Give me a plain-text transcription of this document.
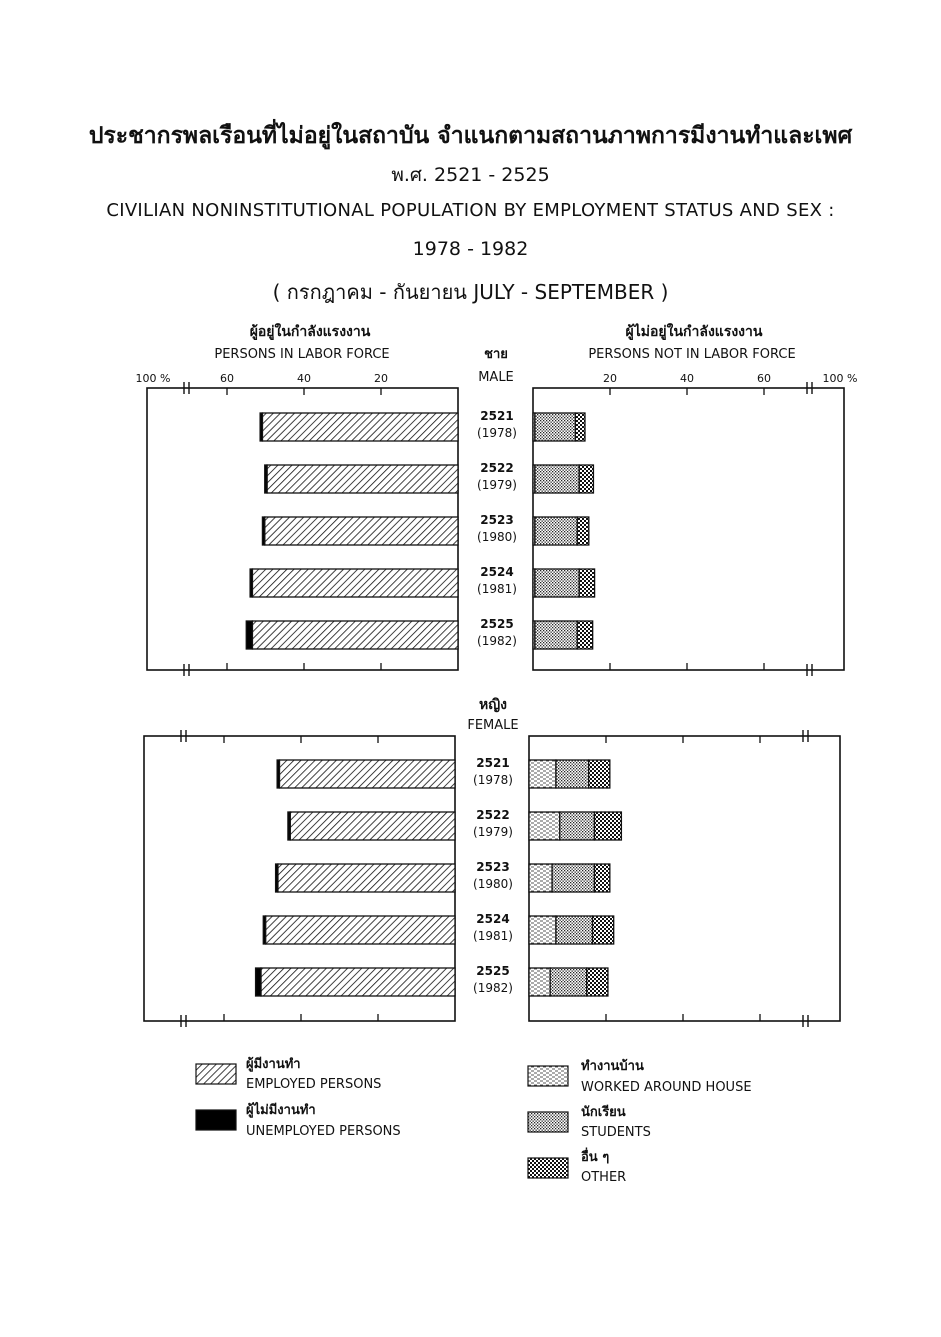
ประชากรพลเรือนที่ไม่อยู่ในสถาบัน จำแนกตามสถานภาพการมีงานทำและเพศ
พ.ศ. 2521 - 2525
CIVILIAN NONINSTITUTIONAL POPULATION BY EMPLOYMENT STATUS AND SEX :
1978 - 1982
( กรกฎาคม - กันยายน JULY - SEPTEMBER )
ผู้อยู่ในกำลังแรงงาน
PERSONS IN LABOR FORCE
ผู้ไม่อยู่ในกำลังแรงงาน
PERSONS NOT IN LABOR FORCE
ชาย
MALE
หญิง
FEMALE
2521
(1978)
2522
(1979)
2523
(1980)
2524
(1981)
2525
(1982)
100 %	60	40	20	20	40	60	100 %
2521
(1978)
2522
(1979)
2523
(1980)
2524
(1981)
2525
(1982)
ผู้มีงานทำ
EMPLOYED PERSONS
ผู้ไม่มีงานทำ
UNEMPLOYED PERSONS
ทำงานบ้าน
WORKED AROUND HOUSE
นักเรียน
STUDENTS
อื่น ๆ
OTHER
